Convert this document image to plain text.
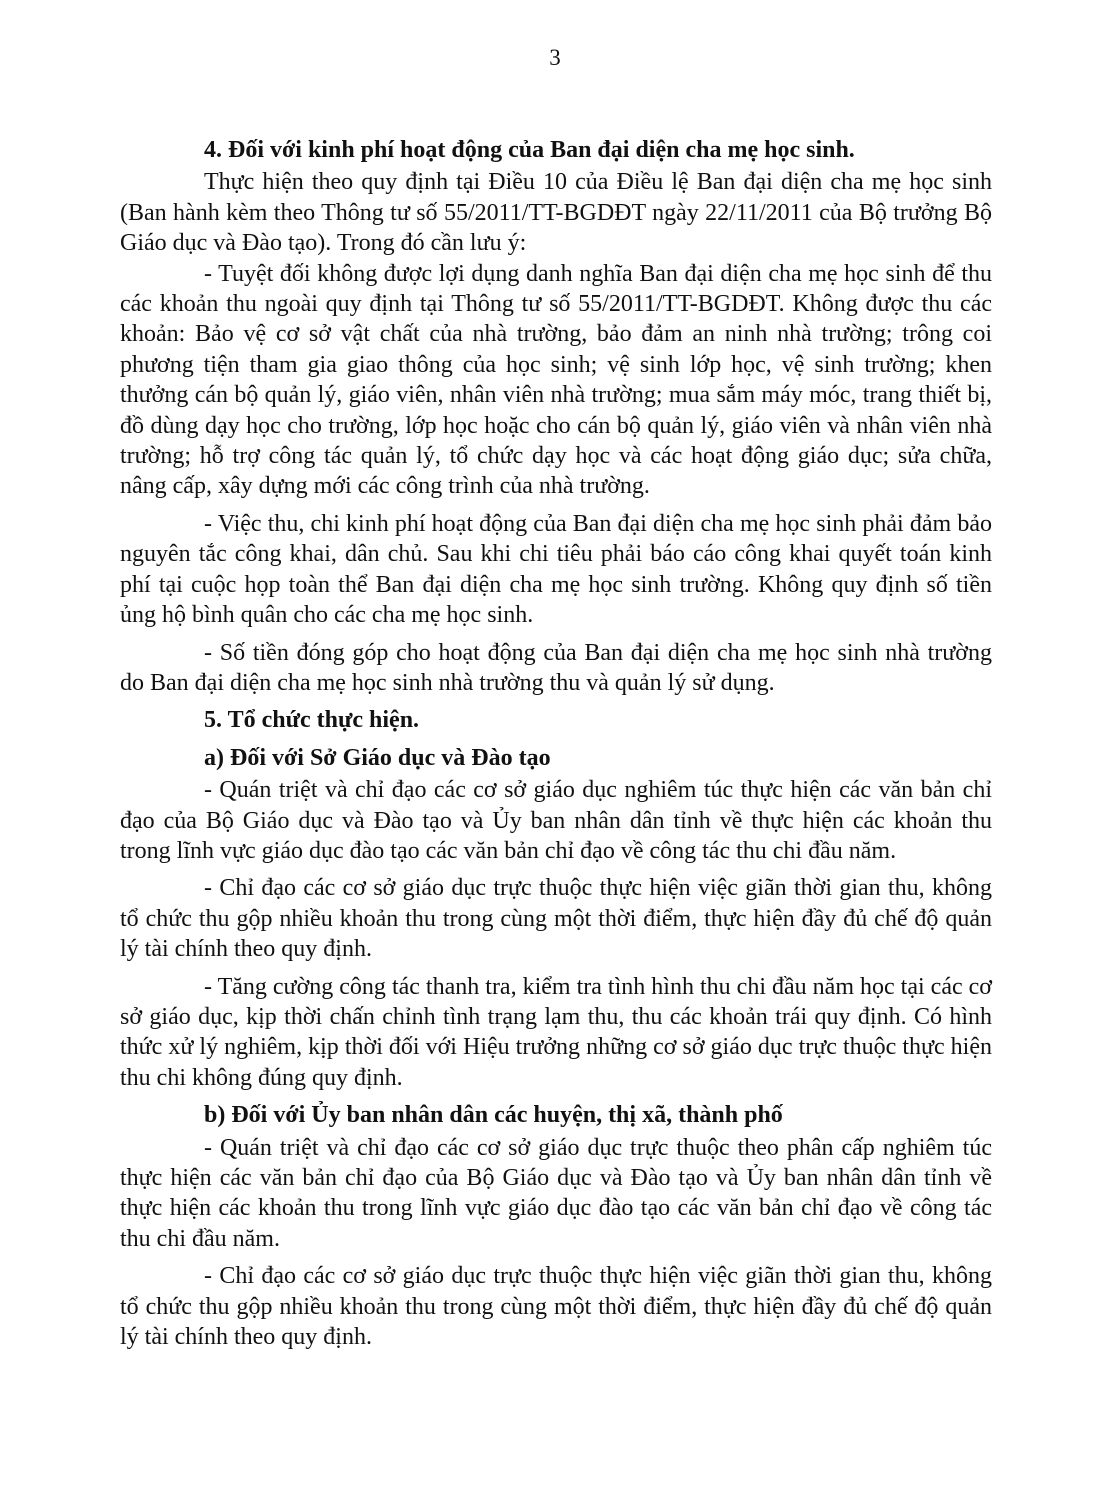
3

4. Đối với kinh phí hoạt động của Ban đại diện cha mẹ học sinh.

Thực hiện theo quy định tại Điều 10 của Điều lệ Ban đại diện cha mẹ học sinh (Ban hành kèm theo Thông tư số 55/2011/TT-BGDĐT ngày 22/11/2011 của Bộ trưởng Bộ Giáo dục và Đào tạo). Trong đó cần lưu ý:

- Tuyệt đối không được lợi dụng danh nghĩa Ban đại diện cha mẹ học sinh để thu các khoản thu ngoài quy định tại Thông tư số 55/2011/TT-BGDĐT. Không được thu các khoản: Bảo vệ cơ sở vật chất của nhà trường, bảo đảm an ninh nhà trường; trông coi phương tiện tham gia giao thông của học sinh; vệ sinh lớp học, vệ sinh trường; khen thưởng cán bộ quản lý, giáo viên, nhân viên nhà trường; mua sắm máy móc, trang thiết bị, đồ dùng dạy học cho trường, lớp học hoặc cho cán bộ quản lý, giáo viên và nhân viên nhà trường; hỗ trợ công tác quản lý, tổ chức dạy học và các hoạt động giáo dục; sửa chữa, nâng cấp, xây dựng mới các công trình của nhà trường.

- Việc thu, chi kinh phí hoạt động của Ban đại diện cha mẹ học sinh phải đảm bảo nguyên tắc công khai, dân chủ. Sau khi chi tiêu phải báo cáo công khai quyết toán kinh phí tại cuộc họp toàn thể Ban đại diện cha mẹ học sinh trường. Không quy định số tiền ủng hộ bình quân cho các cha mẹ học sinh.

- Số tiền đóng góp cho hoạt động của Ban đại diện cha mẹ học sinh nhà trường do Ban đại diện cha mẹ học sinh nhà trường thu và quản lý sử dụng.

5. Tổ chức thực hiện.

a) Đối với Sở Giáo dục và Đào tạo

- Quán triệt và chỉ đạo các cơ sở giáo dục nghiêm túc thực hiện các văn bản chỉ đạo của Bộ Giáo dục và Đào tạo và Ủy ban nhân dân tỉnh về thực hiện các khoản thu trong lĩnh vực giáo dục đào tạo các văn bản chỉ đạo về công tác thu chi đầu năm.

- Chỉ đạo các cơ sở giáo dục trực thuộc thực hiện việc giãn thời gian thu, không tổ chức thu gộp nhiều khoản thu trong cùng một thời điểm, thực hiện đầy đủ chế độ quản lý tài chính theo quy định.

- Tăng cường công tác thanh tra, kiểm tra tình hình thu chi đầu năm học tại các cơ sở giáo dục, kịp thời chấn chỉnh tình trạng lạm thu, thu các khoản trái quy định. Có hình thức xử lý nghiêm, kịp thời đối với Hiệu trưởng những cơ sở giáo dục trực thuộc thực hiện thu chi không đúng quy định.

b) Đối với Ủy ban nhân dân các huyện, thị xã, thành phố

- Quán triệt và chỉ đạo các cơ sở giáo dục trực thuộc theo phân cấp nghiêm túc thực hiện các văn bản chỉ đạo của Bộ Giáo dục và Đào tạo và Ủy ban nhân dân tỉnh về thực hiện các khoản thu trong lĩnh vực giáo dục đào tạo các văn bản chỉ đạo về công tác thu chi đầu năm.

- Chỉ đạo các cơ sở giáo dục trực thuộc thực hiện việc giãn thời gian thu, không tổ chức thu gộp nhiều khoản thu trong cùng một thời điểm, thực hiện đầy đủ chế độ quản lý tài chính theo quy định.
